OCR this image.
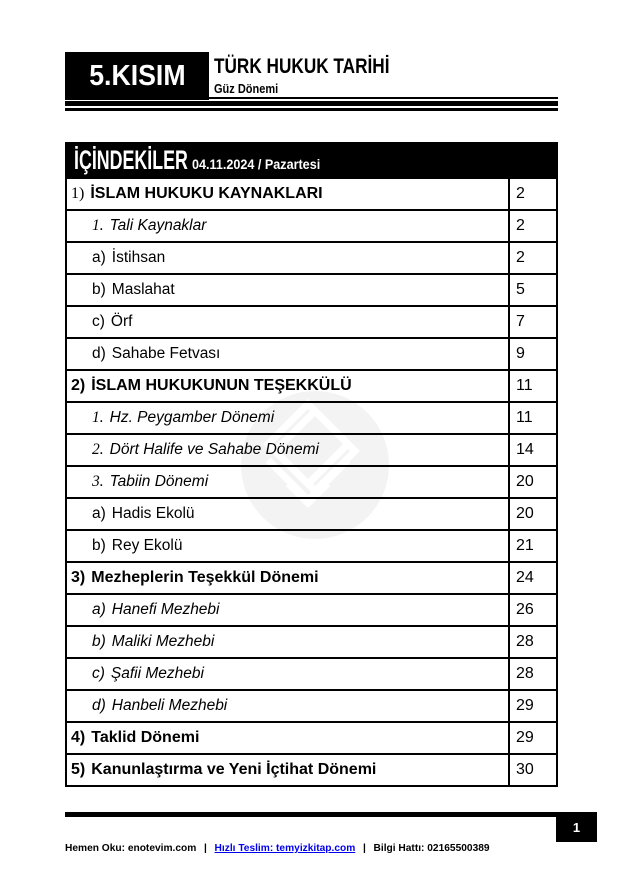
5.KISIM TÜRK HUKUK TARİHİ
Güz Dönemi
İÇİNDEKİLER 04.11.2024 / Pazartesi
1) İSLAM HUKUKU KAYNAKLARI	2
1. Tali Kaynaklar	2
a) İstihsan	2
b) Maslahat	5
c) Örf	7
d) Sahabe Fetvası	9
2) İSLAM HUKUKUNUN TEŞEKKÜLÜ	11
1. Hz. Peygamber Dönemi	11
2. Dört Halife ve Sahabe Dönemi	14
3. Tabiin Dönemi	20
a) Hadis Ekolü	20
b) Rey Ekolü	21
3) Mezheplerin Teşekkül Dönemi	24
a) Hanefi Mezhebi	26
b) Maliki Mezhebi	28
c) Şafii Mezhebi	28
d) Hanbeli Mezhebi	29
4) Taklid Dönemi	29
5) Kanunlaştırma ve Yeni İçtihat Dönemi	30
1
Hemen Oku: enotevim.com | Hızlı Teslim: temyizkitap.com | Bilgi Hattı: 02165500389
